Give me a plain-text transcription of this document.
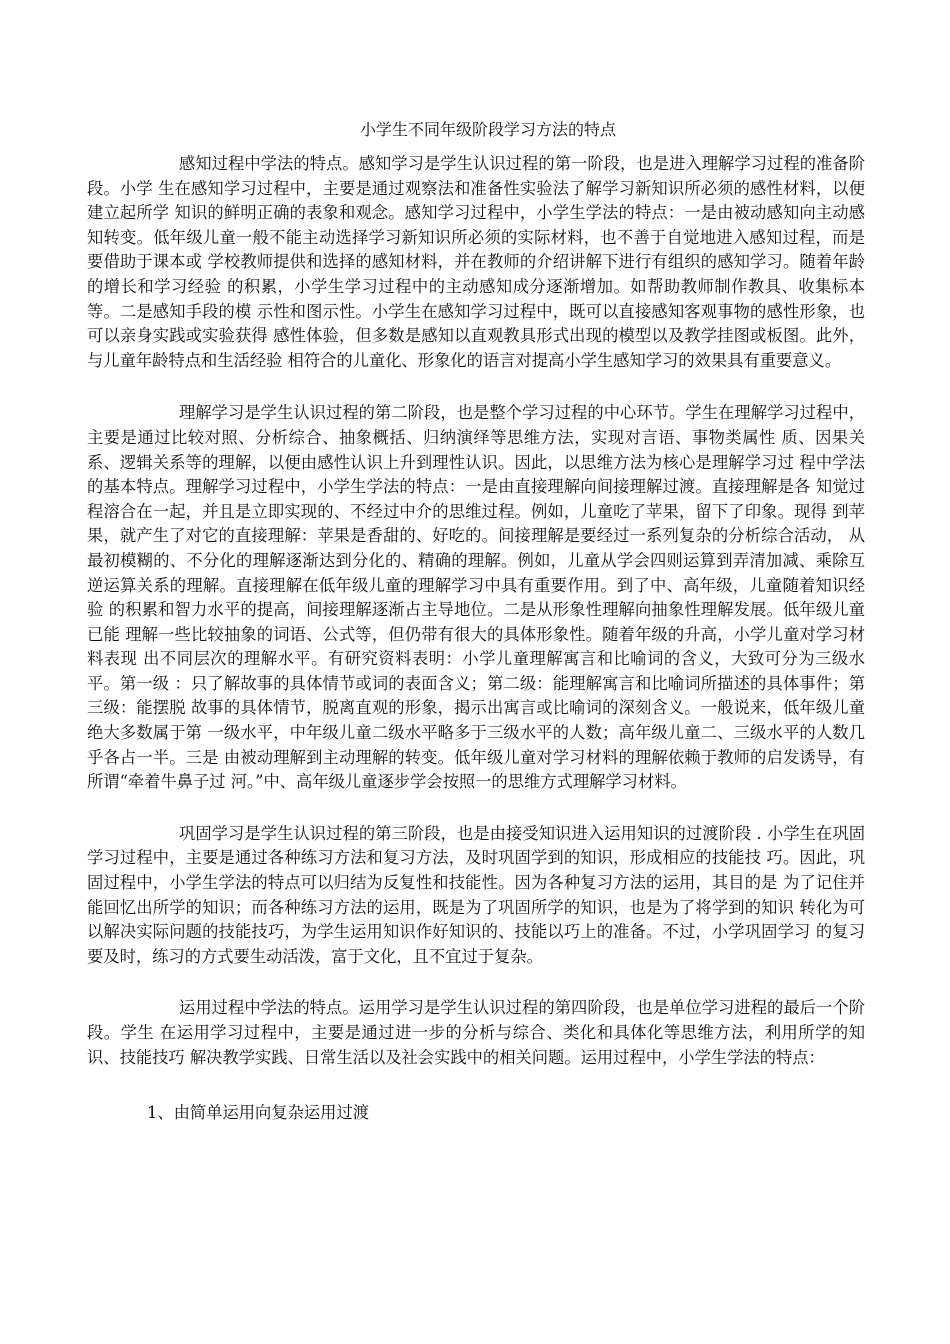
小学生不同年级阶段学习方法的特点

感知过程中学法的特点。感知学习是学生认识过程的第一阶段，也是进入理解学习过程的准备阶段。小学 生在感知学习过程中，主要是通过观察法和准备性实验法了解学习新知识所必须的感性材料，以便建立起所学 知识的鲜明正确的表象和观念。感知学习过程中，小学生学法的特点：一是由被动感知向主动感知转变。低年级儿童一般不能主动选择学习新知识所必须的实际材料，也不善于自觉地进入感知过程，而是要借助于课本或 学校教师提供和选择的感知材料，并在教师的介绍讲解下进行有组织的感知学习。随着年龄的增长和学习经验 的积累，小学生学习过程中的主动感知成分逐渐增加。如帮助教师制作教具、收集标本等。二是感知手段的模 示性和图示性。小学生在感知学习过程中，既可以直接感知客观事物的感性形象，也可以亲身实践或实验获得 感性体验，但多数是感知以直观教具形式出现的模型以及教学挂图或板图。此外，与儿童年龄特点和生活经验 相符合的儿童化、形象化的语言对提高小学生感知学习的效果具有重要意义。

理解学习是学生认识过程的第二阶段，也是整个学习过程的中心环节。学生在理解学习过程中，主要是通过比较对照、分析综合、抽象概括、归纳演绎等思维方法，实现对言语、事物类属性 质、因果关系、逻辑关系等的理解，以便由感性认识上升到理性认识。因此，以思维方法为核心是理解学习过 程中学法的基本特点。理解学习过程中，小学生学法的特点：一是由直接理解向间接理解过渡。直接理解是各 知觉过程溶合在一起，并且是立即实现的、不经过中介的思维过程。例如，儿童吃了苹果，留下了印象。现得 到苹果，就产生了对它的直接理解：苹果是香甜的、好吃的。间接理解是要经过一系列复杂的分析综合活动， 从最初模糊的、不分化的理解逐渐达到分化的、精确的理解。例如，儿童从学会四则运算到弄清加减、乘除互 逆运算关系的理解。直接理解在低年级儿童的理解学习中具有重要作用。到了中、高年级，儿童随着知识经验 的积累和智力水平的提高，间接理解逐渐占主导地位。二是从形象性理解向抽象性理解发展。低年级儿童已能 理解一些比较抽象的词语、公式等，但仍带有很大的具体形象性。随着年级的升高，小学儿童对学习材料表现 出不同层次的理解水平。有研究资料表明：小学儿童理解寓言和比喻词的含义，大致可分为三级水平。第一级 ：只了解故事的具体情节或词的表面含义；第二级：能理解寓言和比喻词所描述的具体事件；第三级：能摆脱 故事的具体情节，脱离直观的形象，揭示出寓言或比喻词的深刻含义。一般说来，低年级儿童绝大多数属于第 一级水平，中年级儿童二级水平略多于三级水平的人数；高年级儿童二、三级水平的人数几乎各占一半。三是 由被动理解到主动理解的转变。低年级儿童对学习材料的理解依赖于教师的启发诱导，有所谓“牵着牛鼻子过 河。”中、高年级儿童逐步学会按照一的思维方式理解学习材料。

巩固学习是学生认识过程的第三阶段，也是由接受知识进入运用知识的过渡阶段 . 小学生在巩固学习过程中，主要是通过各种练习方法和复习方法，及时巩固学到的知识，形成相应的技能技 巧。因此，巩固过程中，小学生学法的特点可以归结为反复性和技能性。因为各种复习方法的运用，其目的是 为了记住并能回忆出所学的知识；而各种练习方法的运用，既是为了巩固所学的知识，也是为了将学到的知识 转化为可以解决实际问题的技能技巧，为学生运用知识作好知识的、技能以巧上的准备。不过，小学巩固学习 的复习要及时，练习的方式要生动活泼，富于文化，且不宜过于复杂。

运用过程中学法的特点。运用学习是学生认识过程的第四阶段，也是单位学习进程的最后一个阶段。学生 在运用学习过程中，主要是通过进一步的分析与综合、类化和具体化等思维方法，利用所学的知识、技能技巧 解决教学实践、日常生活以及社会实践中的相关问题。运用过程中，小学生学法的特点：

1、由简单运用向复杂运用过渡
